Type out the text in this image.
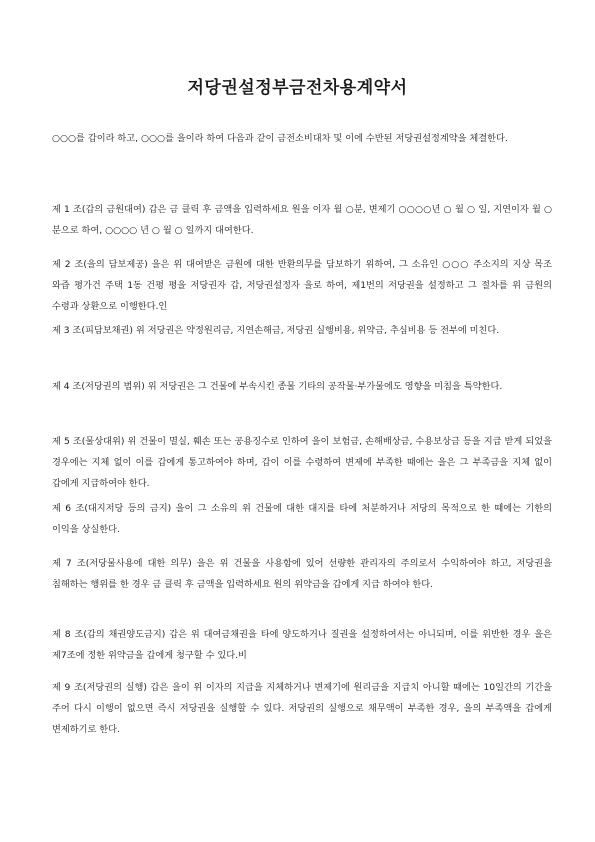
저당권설정부금전차용계약서

○○○를 갑이라 하고, ○○○를 을이라 하여 다음과 같이 금전소비대차 및 이에 수반된 저당권설정계약을 체결한다.

제 1 조(갑의 금원대여) 갑은 금 클릭 후 금액을 입력하세요 원을 이자 월 ○분, 변제기 ○○○○년 ○ 월 ○ 일, 지연이자 월 ○ 분으로 하여, ○○○○ 년 ○ 월 ○ 일까지 대여한다.

제 2 조(을의 담보제공) 을은 위 대여받은 금원에 대한 반환의무를 담보하기 위하여, 그 소유인 ○○○ 주소지의 지상 목조 와즙 평가건 주택 1동 건평 평을 저당권자 갑, 저당권설정자 을로 하여, 제1번의 저당권을 설정하고 그 절차를 위 금원의 수령과 상환으로 이행한다.인

제 3 조(피담보채권) 위 저당권은 약정원리금, 지연손해금, 저당권 실행비용, 위약금, 추심비용 등 전부에 미친다.

제 4 조(저당권의 범위) 위 저당권은 그 건물에 부속시킨 종물 기타의 공작물·부가물에도 영향을 미침을 특약한다.

제 5 조(물상대위) 위 건물이 멸실, 훼손 또는 공용징수로 인하여 을이 보험금, 손해배상금, 수용보상금 등을 지급 받게 되었을 경우에는 지체 없이 이를 갑에게 통고하여야 하며, 갑이 이를 수령하여 변제에 부족한 때에는 을은 그 부족금을 지체 없이 갑에게 지급하여야 한다.

제 6 조(대지저당 등의 금지) 을이 그 소유의 위 건물에 대한 대지를 타에 처분하거나 저당의 목적으로 한 때에는 기한의 이익을 상실한다.

제 7 조(저당물사용에 대한 의무) 을은 위 건물을 사용함에 있어 선량한 관리자의 주의로서 수익하여야 하고, 저당권을 침해하는 행위를 한 경우 금 클릭 후 금액을 입력하세요 원의 위약금을 갑에게 지급 하여야 한다.

제 8 조(갑의 채권양도금지) 갑은 위 대여금채권을 타에 양도하거나 질권을 설정하여서는 아니되며, 이를 위반한 경우 을은 제7조에 정한 위약금을 갑에게 청구할 수 있다.비

제 9 조(저당권의 실행) 갑은 을이 위 이자의 지급을 지체하거나 변제기에 원리금을 지급치 아니할 때에는 10일간의 기간을 주어 다시 이행이 없으면 즉시 저당권을 실행할 수 있다. 저당권의 실행으로 채무액이 부족한 경우, 을의 부족액을 갑에게 변제하기로 한다.
